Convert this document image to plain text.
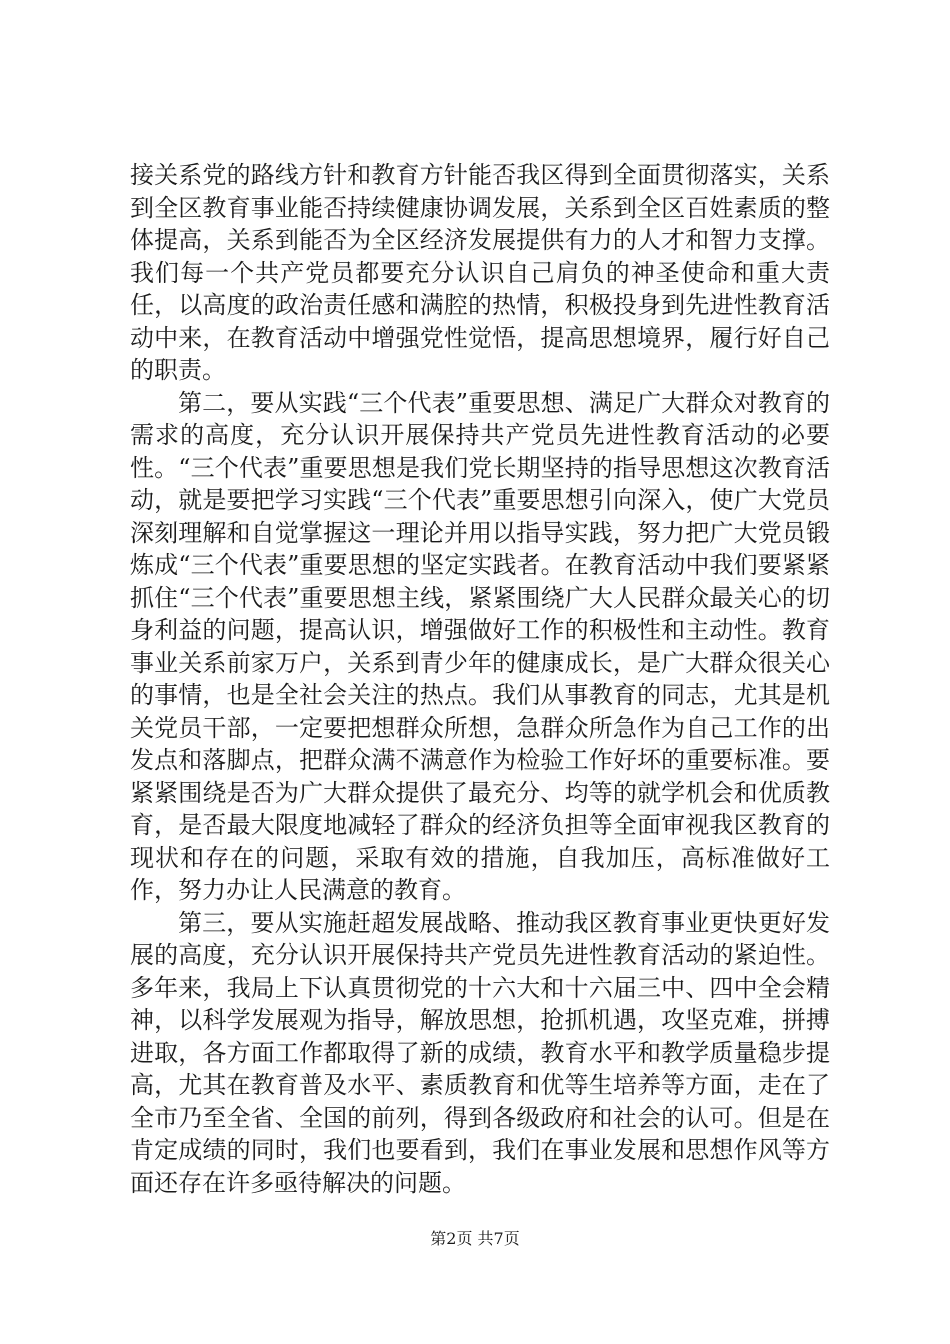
接关系党的路线方针和教育方针能否我区得到全面贯彻落实，关系到全区教育事业能否持续健康协调发展，关系到全区百姓素质的整体提高，关系到能否为全区经济发展提供有力的人才和智力支撑。我们每一个共产党员都要充分认识自己肩负的神圣使命和重大责任，以高度的政治责任感和满腔的热情，积极投身到先进性教育活动中来，在教育活动中增强党性觉悟，提高思想境界，履行好自己的职责。

第二，要从实践“三个代表”重要思想、满足广大群众对教育的需求的高度，充分认识开展保持共产党员先进性教育活动的必要性。“三个代表”重要思想是我们党长期坚持的指导思想这次教育活动，就是要把学习实践“三个代表”重要思想引向深入，使广大党员深刻理解和自觉掌握这一理论并用以指导实践，努力把广大党员锻炼成“三个代表”重要思想的坚定实践者。在教育活动中我们要紧紧抓住“三个代表”重要思想主线，紧紧围绕广大人民群众最关心的切身利益的问题，提高认识，增强做好工作的积极性和主动性。教育事业关系前家万户，关系到青少年的健康成长，是广大群众很关心的事情，也是全社会关注的热点。我们从事教育的同志，尤其是机关党员干部，一定要把想群众所想，急群众所急作为自己工作的出发点和落脚点，把群众满不满意作为检验工作好坏的重要标准。要紧紧围绕是否为广大群众提供了最充分、均等的就学机会和优质教育，是否最大限度地减轻了群众的经济负担等全面审视我区教育的现状和存在的问题，采取有效的措施，自我加压，高标准做好工作，努力办让人民满意的教育。

第三，要从实施赶超发展战略、推动我区教育事业更快更好发展的高度，充分认识开展保持共产党员先进性教育活动的紧迫性。多年来，我局上下认真贯彻党的十六大和十六届三中、四中全会精神，以科学发展观为指导，解放思想，抢抓机遇，攻坚克难，拼搏进取，各方面工作都取得了新的成绩，教育水平和教学质量稳步提高，尤其在教育普及水平、素质教育和优等生培养等方面，走在了全市乃至全省、全国的前列，得到各级政府和社会的认可。但是在肯定成绩的同时，我们也要看到，我们在事业发展和思想作风等方面还存在许多亟待解决的问题。

第2页 共7页
